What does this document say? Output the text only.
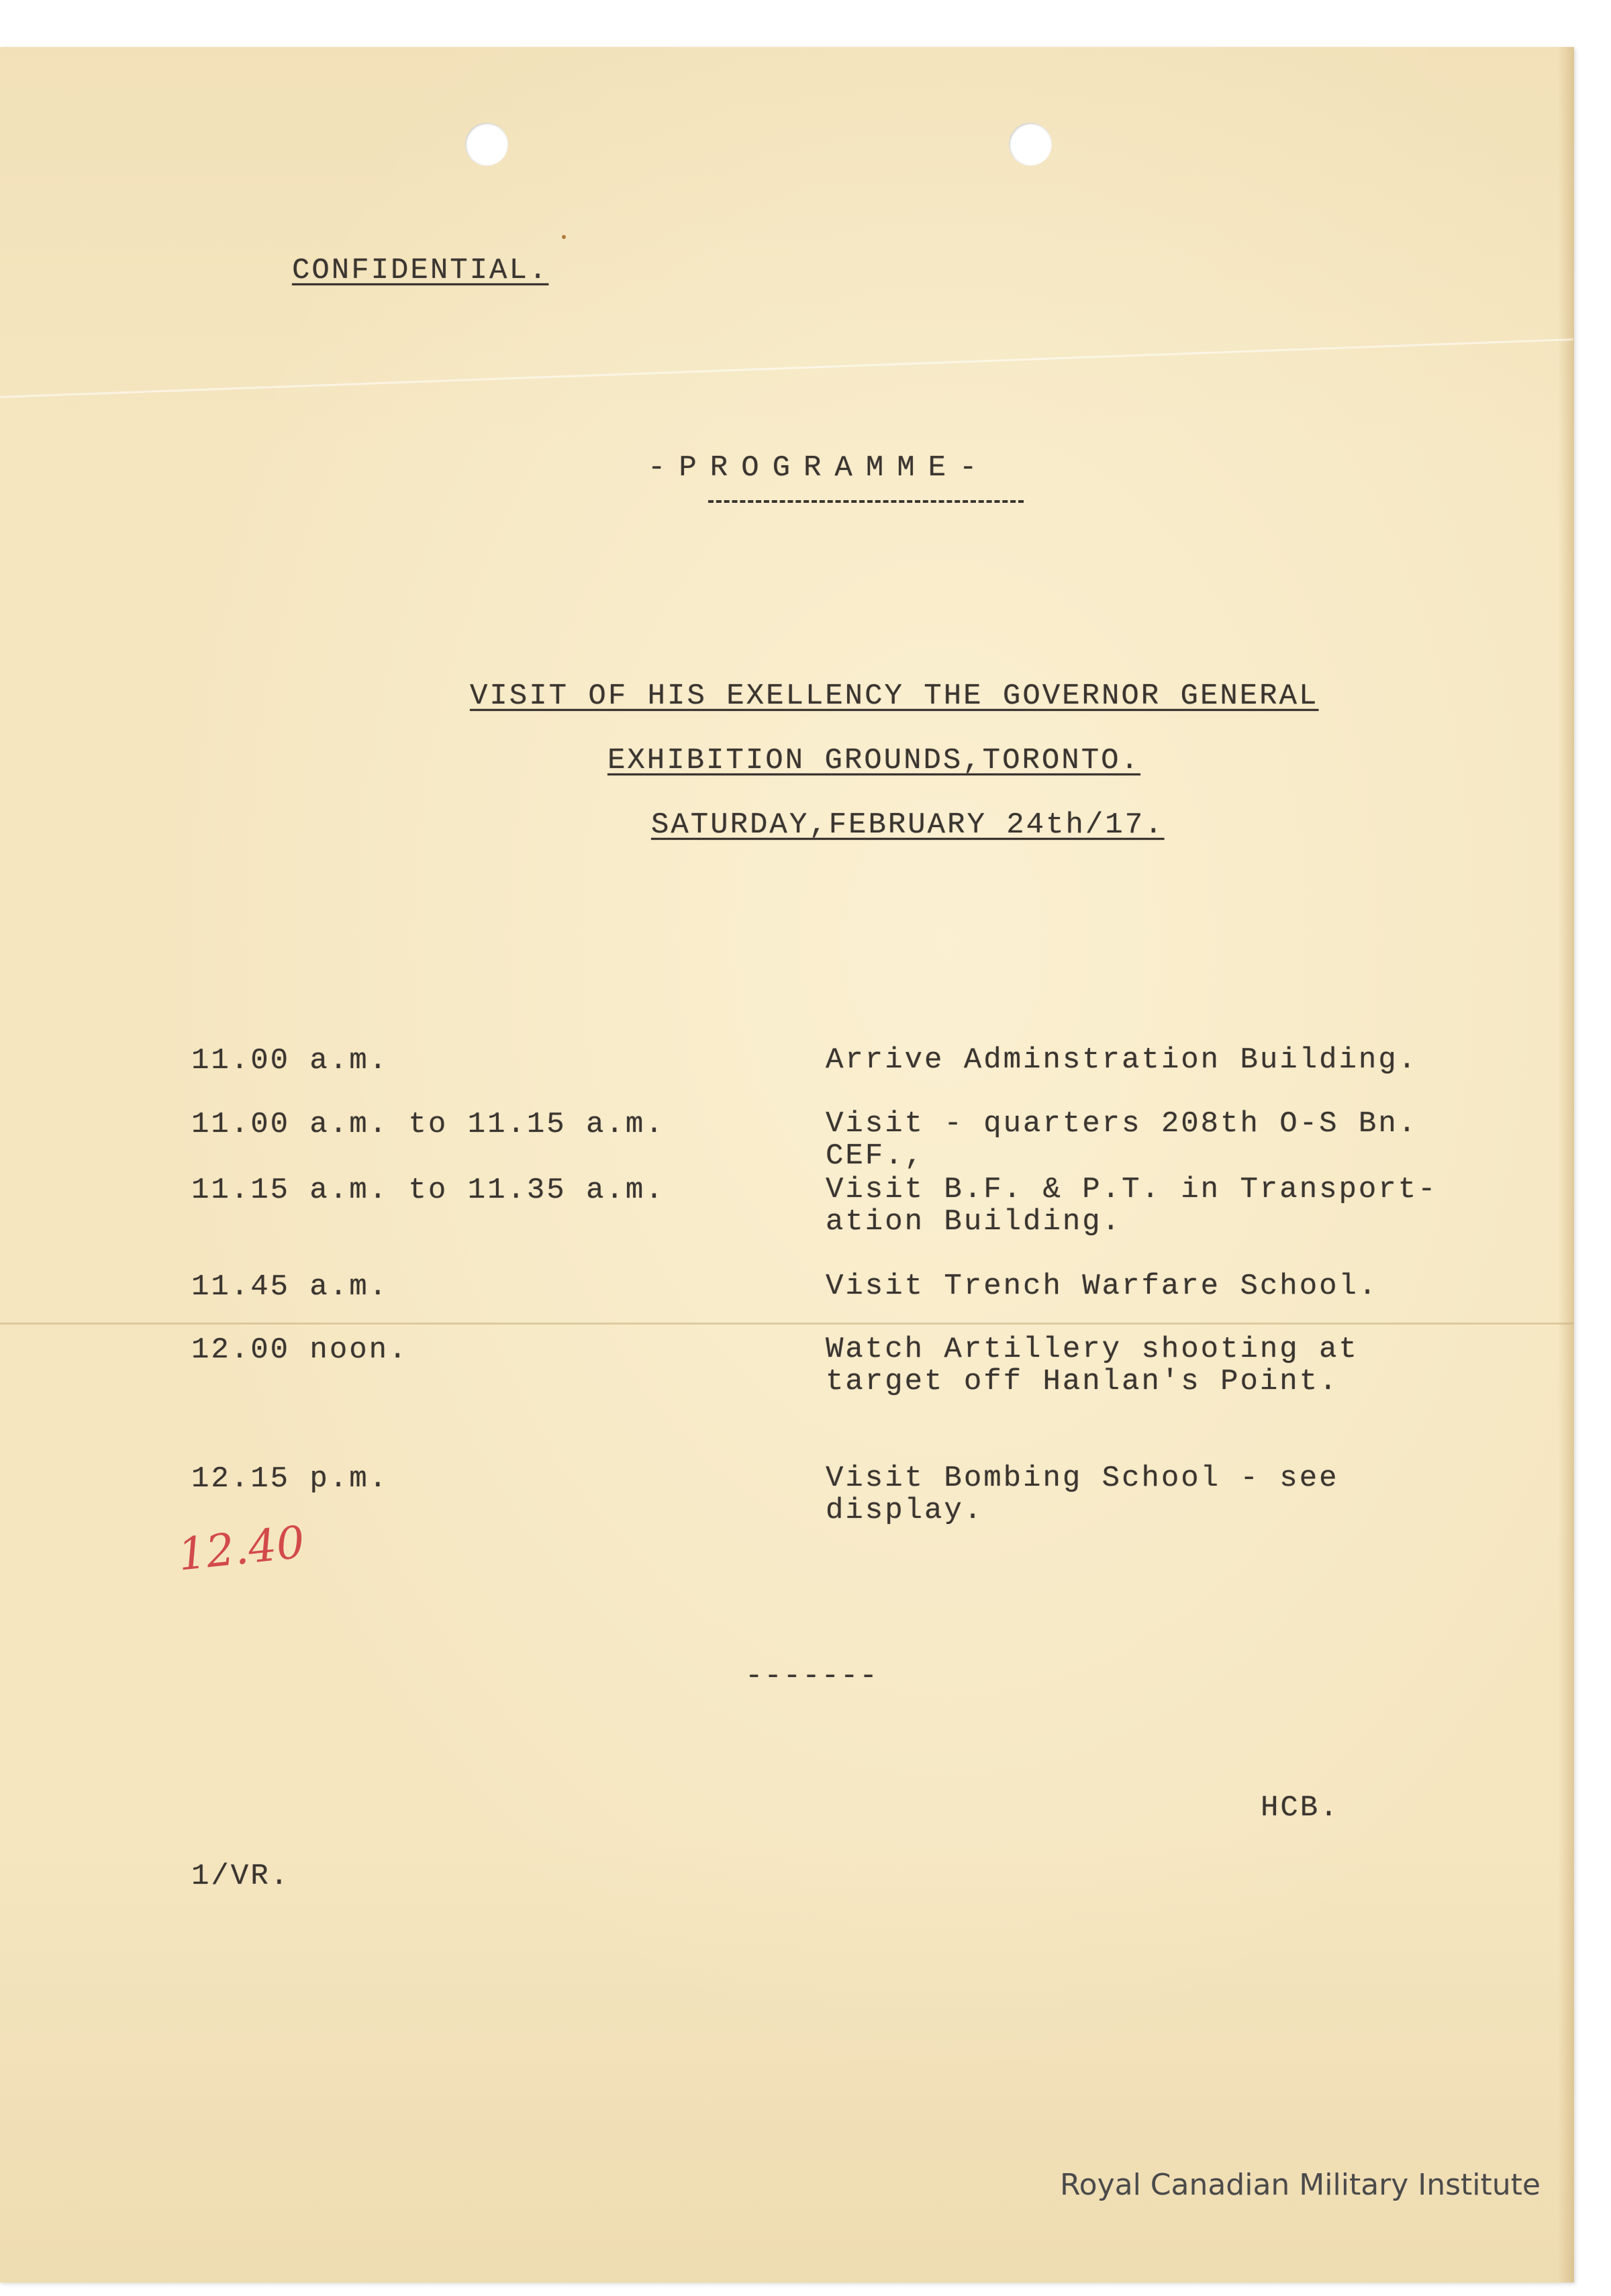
CONFIDENTIAL.
-PROGRAMME-
VISIT OF HIS EXELLENCY THE GOVERNOR GENERAL
EXHIBITION GROUNDS,TORONTO.
SATURDAY,FEBRUARY 24th/17.
11.00 a.m.	Arrive Adminstration Building.
11.00 a.m. to 11.15 a.m.	Visit - quarters 208th O-S Bn.
CEF.,
11.15 a.m. to 11.35 a.m.	Visit B.F. & P.T. in Transport-
ation Building.
11.45 a.m.	Visit Trench Warfare School.
12.00 noon.	Watch Artillery shooting at
target off Hanlan's Point.
12.15 p.m.	Visit Bombing School - see
display.
12.40
-------
HCB.
1/VR.
Royal Canadian Military Institute
